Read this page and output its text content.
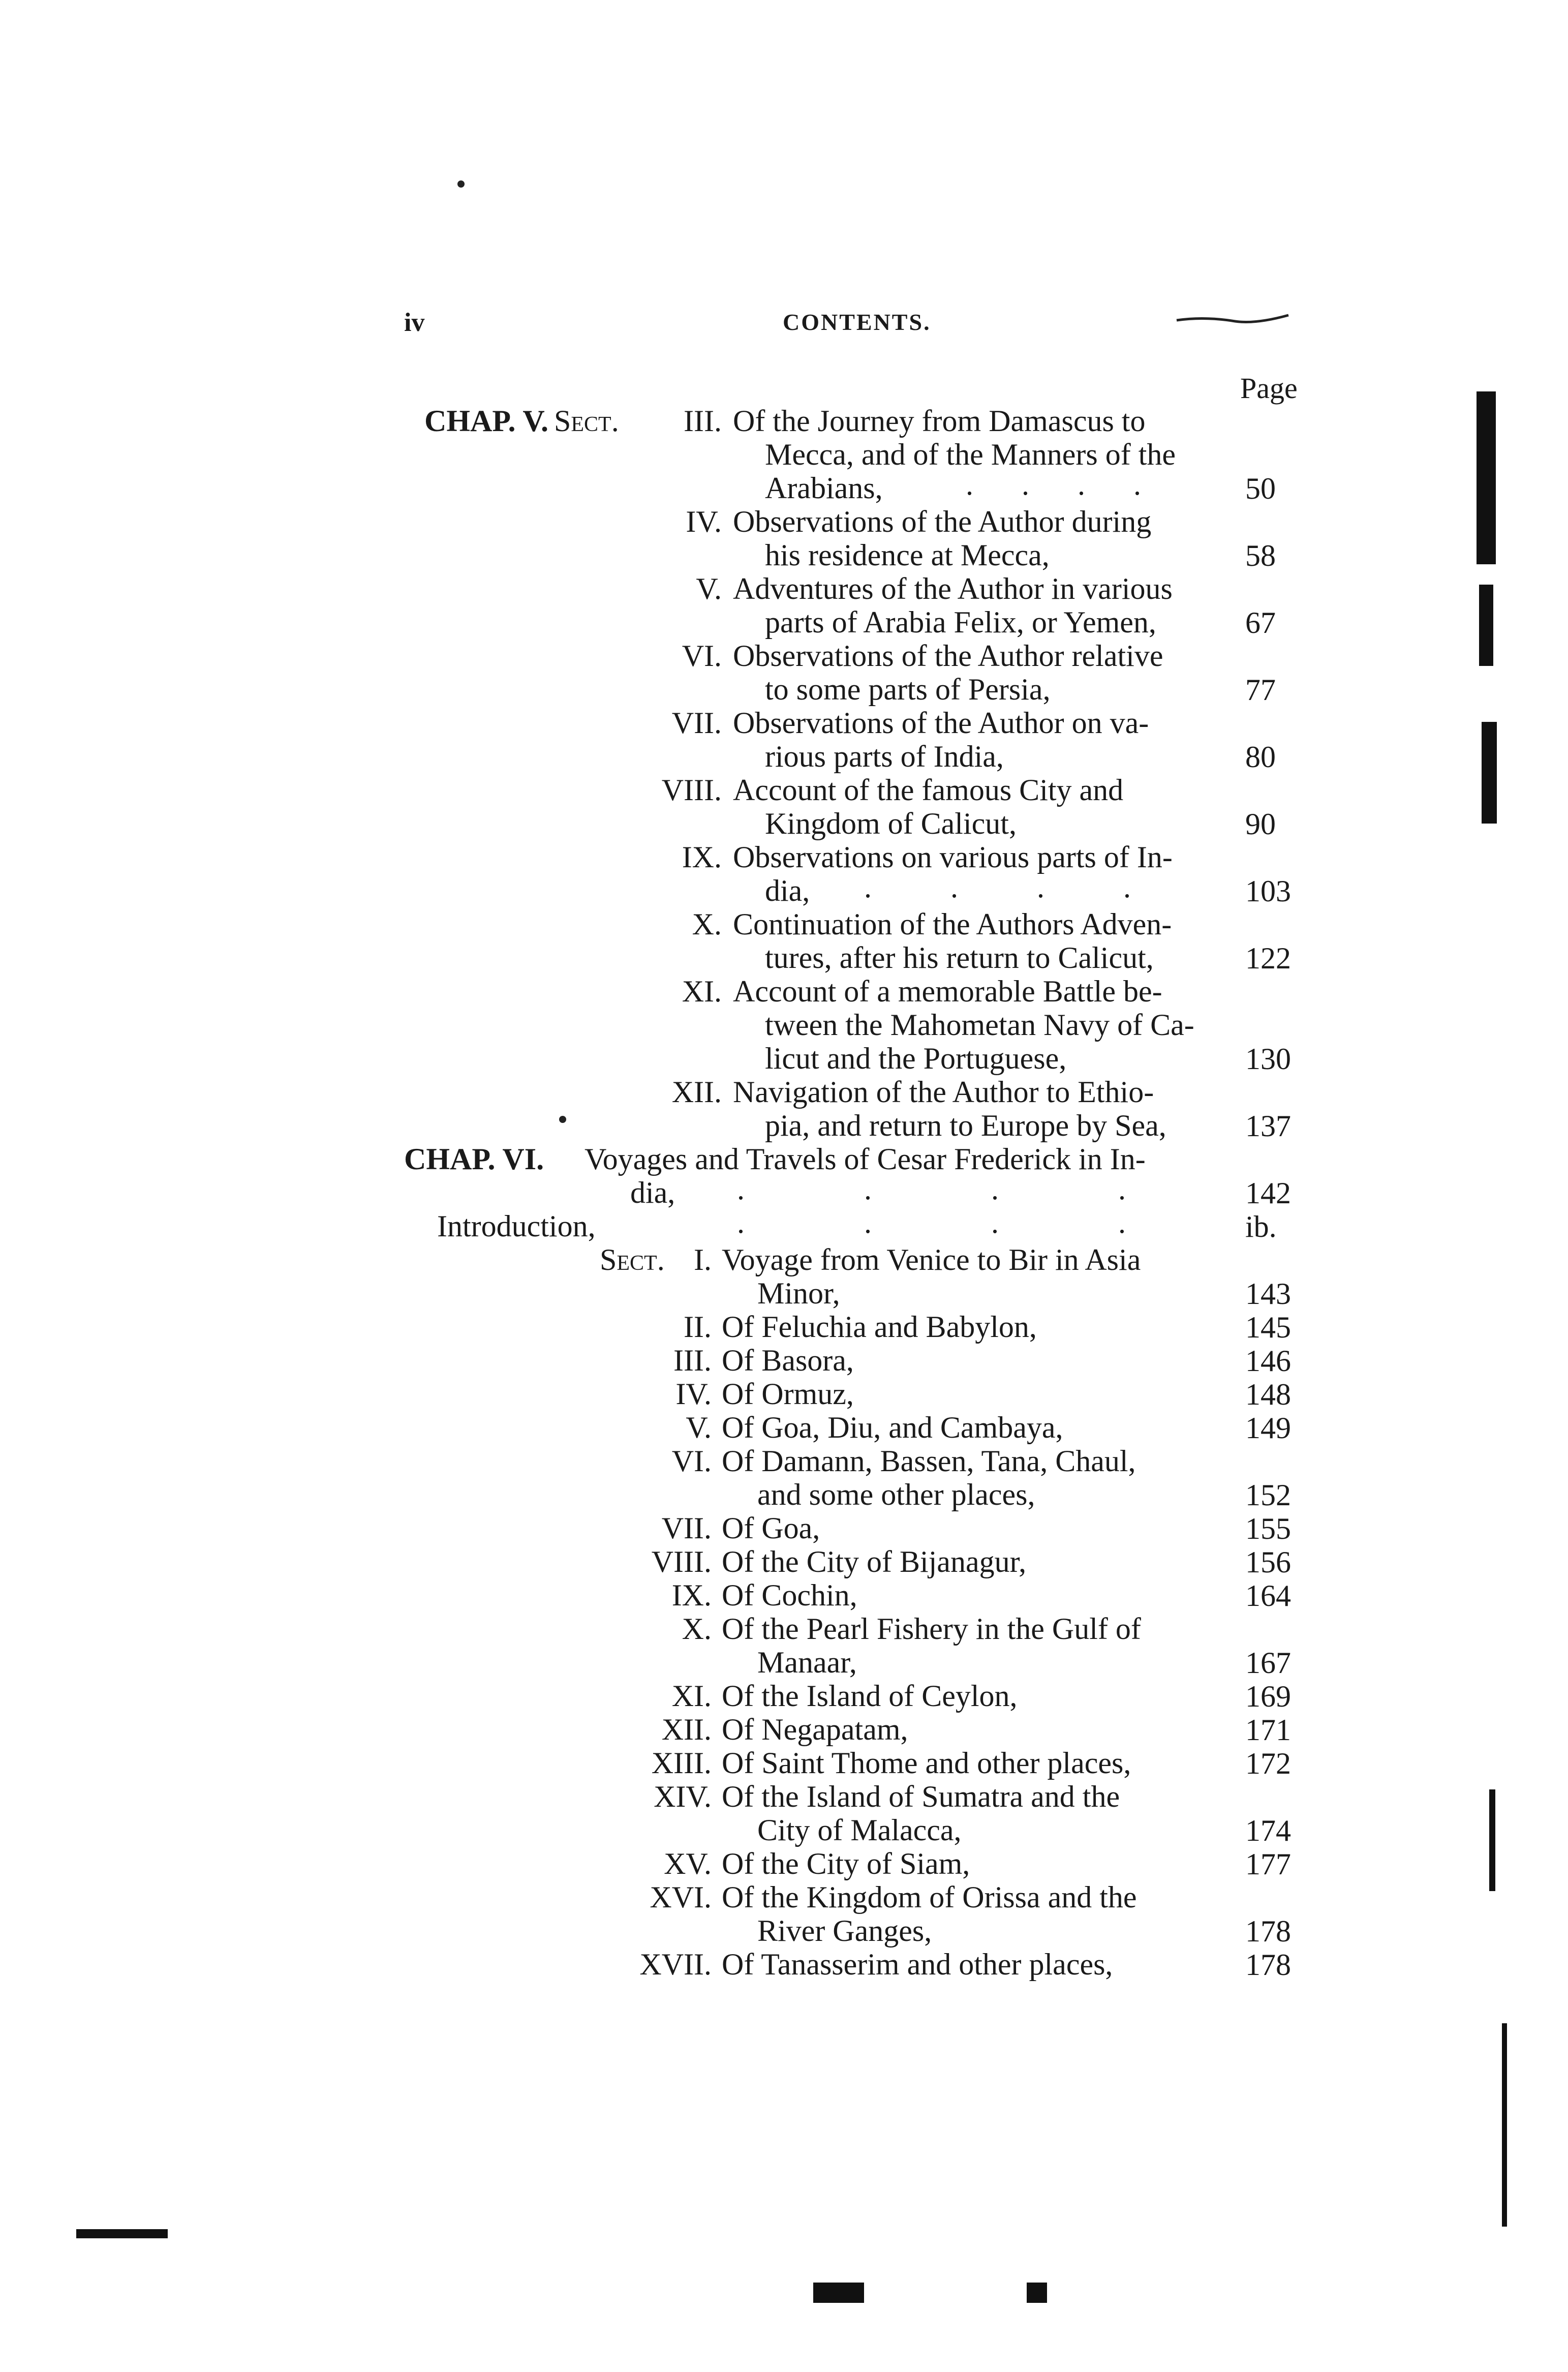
iv	CONTENTS.
Page
CHAP. V. Sect. III. Of the Journey from Damascus to
Mecca, and of the Manners of the
Arabians,	. . . .	50
IV. Observations of the Author during
his residence at Mecca,	58
V. Adventures of the Author in various
parts of Arabia Felix, or Yemen,	67
VI. Observations of the Author relative
to some parts of Persia,	77
VII. Observations of the Author on va-
rious parts of India,	80
VIII. Account of the famous City and
Kingdom of Calicut,	90
IX. Observations on various parts of In-
dia, . . . .	103
X. Continuation of the Authors Adven-
tures, after his return to Calicut,	122
XI. Account of a memorable Battle be-
tween the Mahometan Navy of Ca-
licut and the Portuguese,	130
XII. Navigation of the Author to Ethio-
pia, and return to Europe by Sea,	137
CHAP. VI. Voyages and Travels of Cesar Frederick in In-
dia, . . . . 142
Introduction,	. . . . ib.
Sect. I. Voyage from Venice to Bir in Asia
Minor,	143
II. Of Feluchia and Babylon,	145
III. Of Basora,	146
IV. Of Ormuz,	148
V. Of Goa, Diu, and Cambaya,	149
VI. Of Damann, Bassen, Tana, Chaul,
and some other places,	152
VII. Of Goa,	155
VIII. Of the City of Bijanagur,	156
IX. Of Cochin,	164
X. Of the Pearl Fishery in the Gulf of
Manaar,	167
XI. Of the Island of Ceylon,	169
XII. Of Negapatam,	171
XIII. Of Saint Thome and other places,	172
XIV. Of the Island of Sumatra and the
City of Malacca,	174
XV. Of the City of Siam,	177
XVI. Of the Kingdom of Orissa and the
River Ganges,	178
XVII. Of Tanasserim and other places,	178
